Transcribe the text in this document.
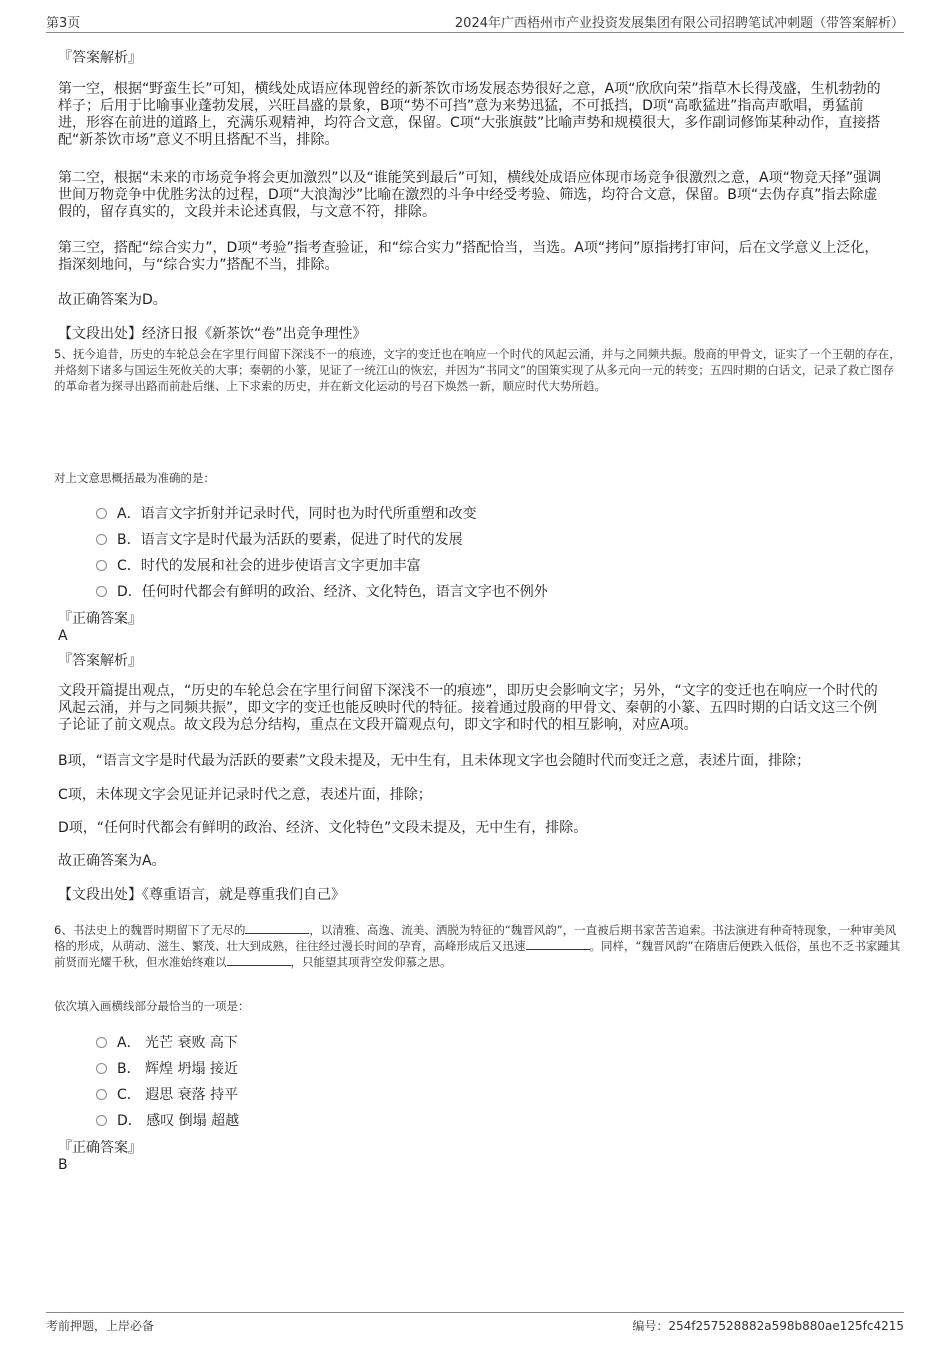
第3页	2024年广西梧州市产业投资发展集团有限公司招聘笔试冲刺题（带答案解析）
『答案解析』

第一空，根据“野蛮生长”可知，横线处成语应体现曾经的新茶饮市场发展态势很好之意，A项“欣欣向荣”指草木长得茂盛，生机勃勃的样子；后用于比喻事业蓬勃发展，兴旺昌盛的景象，B项“势不可挡”意为来势迅猛，不可抵挡，D项“高歌猛进”指高声歌唱，勇猛前进，形容在前进的道路上，充满乐观精神，均符合文意，保留。C项“大张旗鼓”比喻声势和规模很大，多作副词修饰某种动作，直接搭配“新茶饮市场”意义不明且搭配不当，排除。

第二空，根据“未来的市场竞争将会更加激烈”以及“谁能笑到最后”可知，横线处成语应体现市场竞争很激烈之意，A项“物竞天择”强调世间万物竞争中优胜劣汰的过程，D项“大浪淘沙”比喻在激烈的斗争中经受考验、筛选，均符合文意，保留。B项“去伪存真”指去除虚假的，留存真实的，文段并未论述真假，与文意不符，排除。

第三空，搭配“综合实力”，D项“考验”指考查验证，和“综合实力”搭配恰当，当选。A项“拷问”原指拷打审问，后在文学意义上泛化，指深刻地问，与“综合实力”搭配不当，排除。

故正确答案为D。

【文段出处】经济日报《新茶饮“卷”出竞争理性》

5、抚今追昔，历史的车轮总会在字里行间留下深浅不一的痕迹，文字的变迁也在响应一个时代的风起云涌，并与之同频共振。殷商的甲骨文，证实了一个王朝的存在，并烙刻下诸多与国运生死攸关的大事；秦朝的小篆，见证了一统江山的恢宏，并因为“书同文”的国策实现了从多元向一元的转变；五四时期的白话文，记录了救亡图存的革命者为探寻出路而前赴后继、上下求索的历史，并在新文化运动的号召下焕然一新，顺应时代大势所趋。

对上文意思概括最为准确的是：

A．语言文字折射并记录时代，同时也为时代所重塑和改变
B．语言文字是时代最为活跃的要素，促进了时代的发展
C．时代的发展和社会的进步使语言文字更加丰富
D．任何时代都会有鲜明的政治、经济、文化特色，语言文字也不例外
『正确答案』
A
『答案解析』

文段开篇提出观点，“历史的车轮总会在字里行间留下深浅不一的痕迹”，即历史会影响文字；另外，“文字的变迁也在响应一个时代的风起云涌，并与之同频共振”，即文字的变迁也能反映时代的特征。接着通过殷商的甲骨文、秦朝的小篆、五四时期的白话文这三个例子论证了前文观点。故文段为总分结构，重点在文段开篇观点句，即文字和时代的相互影响，对应A项。

B项，“语言文字是时代最为活跃的要素”文段未提及，无中生有，且未体现文字也会随时代而变迁之意，表述片面，排除；

C项，未体现文字会见证并记录时代之意，表述片面，排除；

D项，“任何时代都会有鲜明的政治、经济、文化特色”文段未提及，无中生有，排除。

故正确答案为A。

【文段出处】《尊重语言，就是尊重我们自己》

6、书法史上的魏晋时期留下了无尽的	，以清雅、高逸、流美、洒脱为特征的“魏晋风韵”，一直被后期书家苦苦追索。书法演进有种奇特现象，一种审美风格的形成，从萌动、滋生、繁茂、壮大到成熟，往往经过漫长时间的孕育，高峰形成后又迅速	。同样，“魏晋风韵”在隋唐后便跌入低俗，虽也不乏书家踵其前贤而光耀千秋，但水准始终难以	，只能望其项背空发仰慕之思。

依次填入画横线部分最恰当的一项是：

A． 光芒 衰败 高下
B． 辉煌 坍塌 接近
C． 遐思 衰落 持平
D． 感叹 倒塌 超越
『正确答案』
B
考前押题，上岸必备	编号：254f257528882a598b880ae125fc4215
